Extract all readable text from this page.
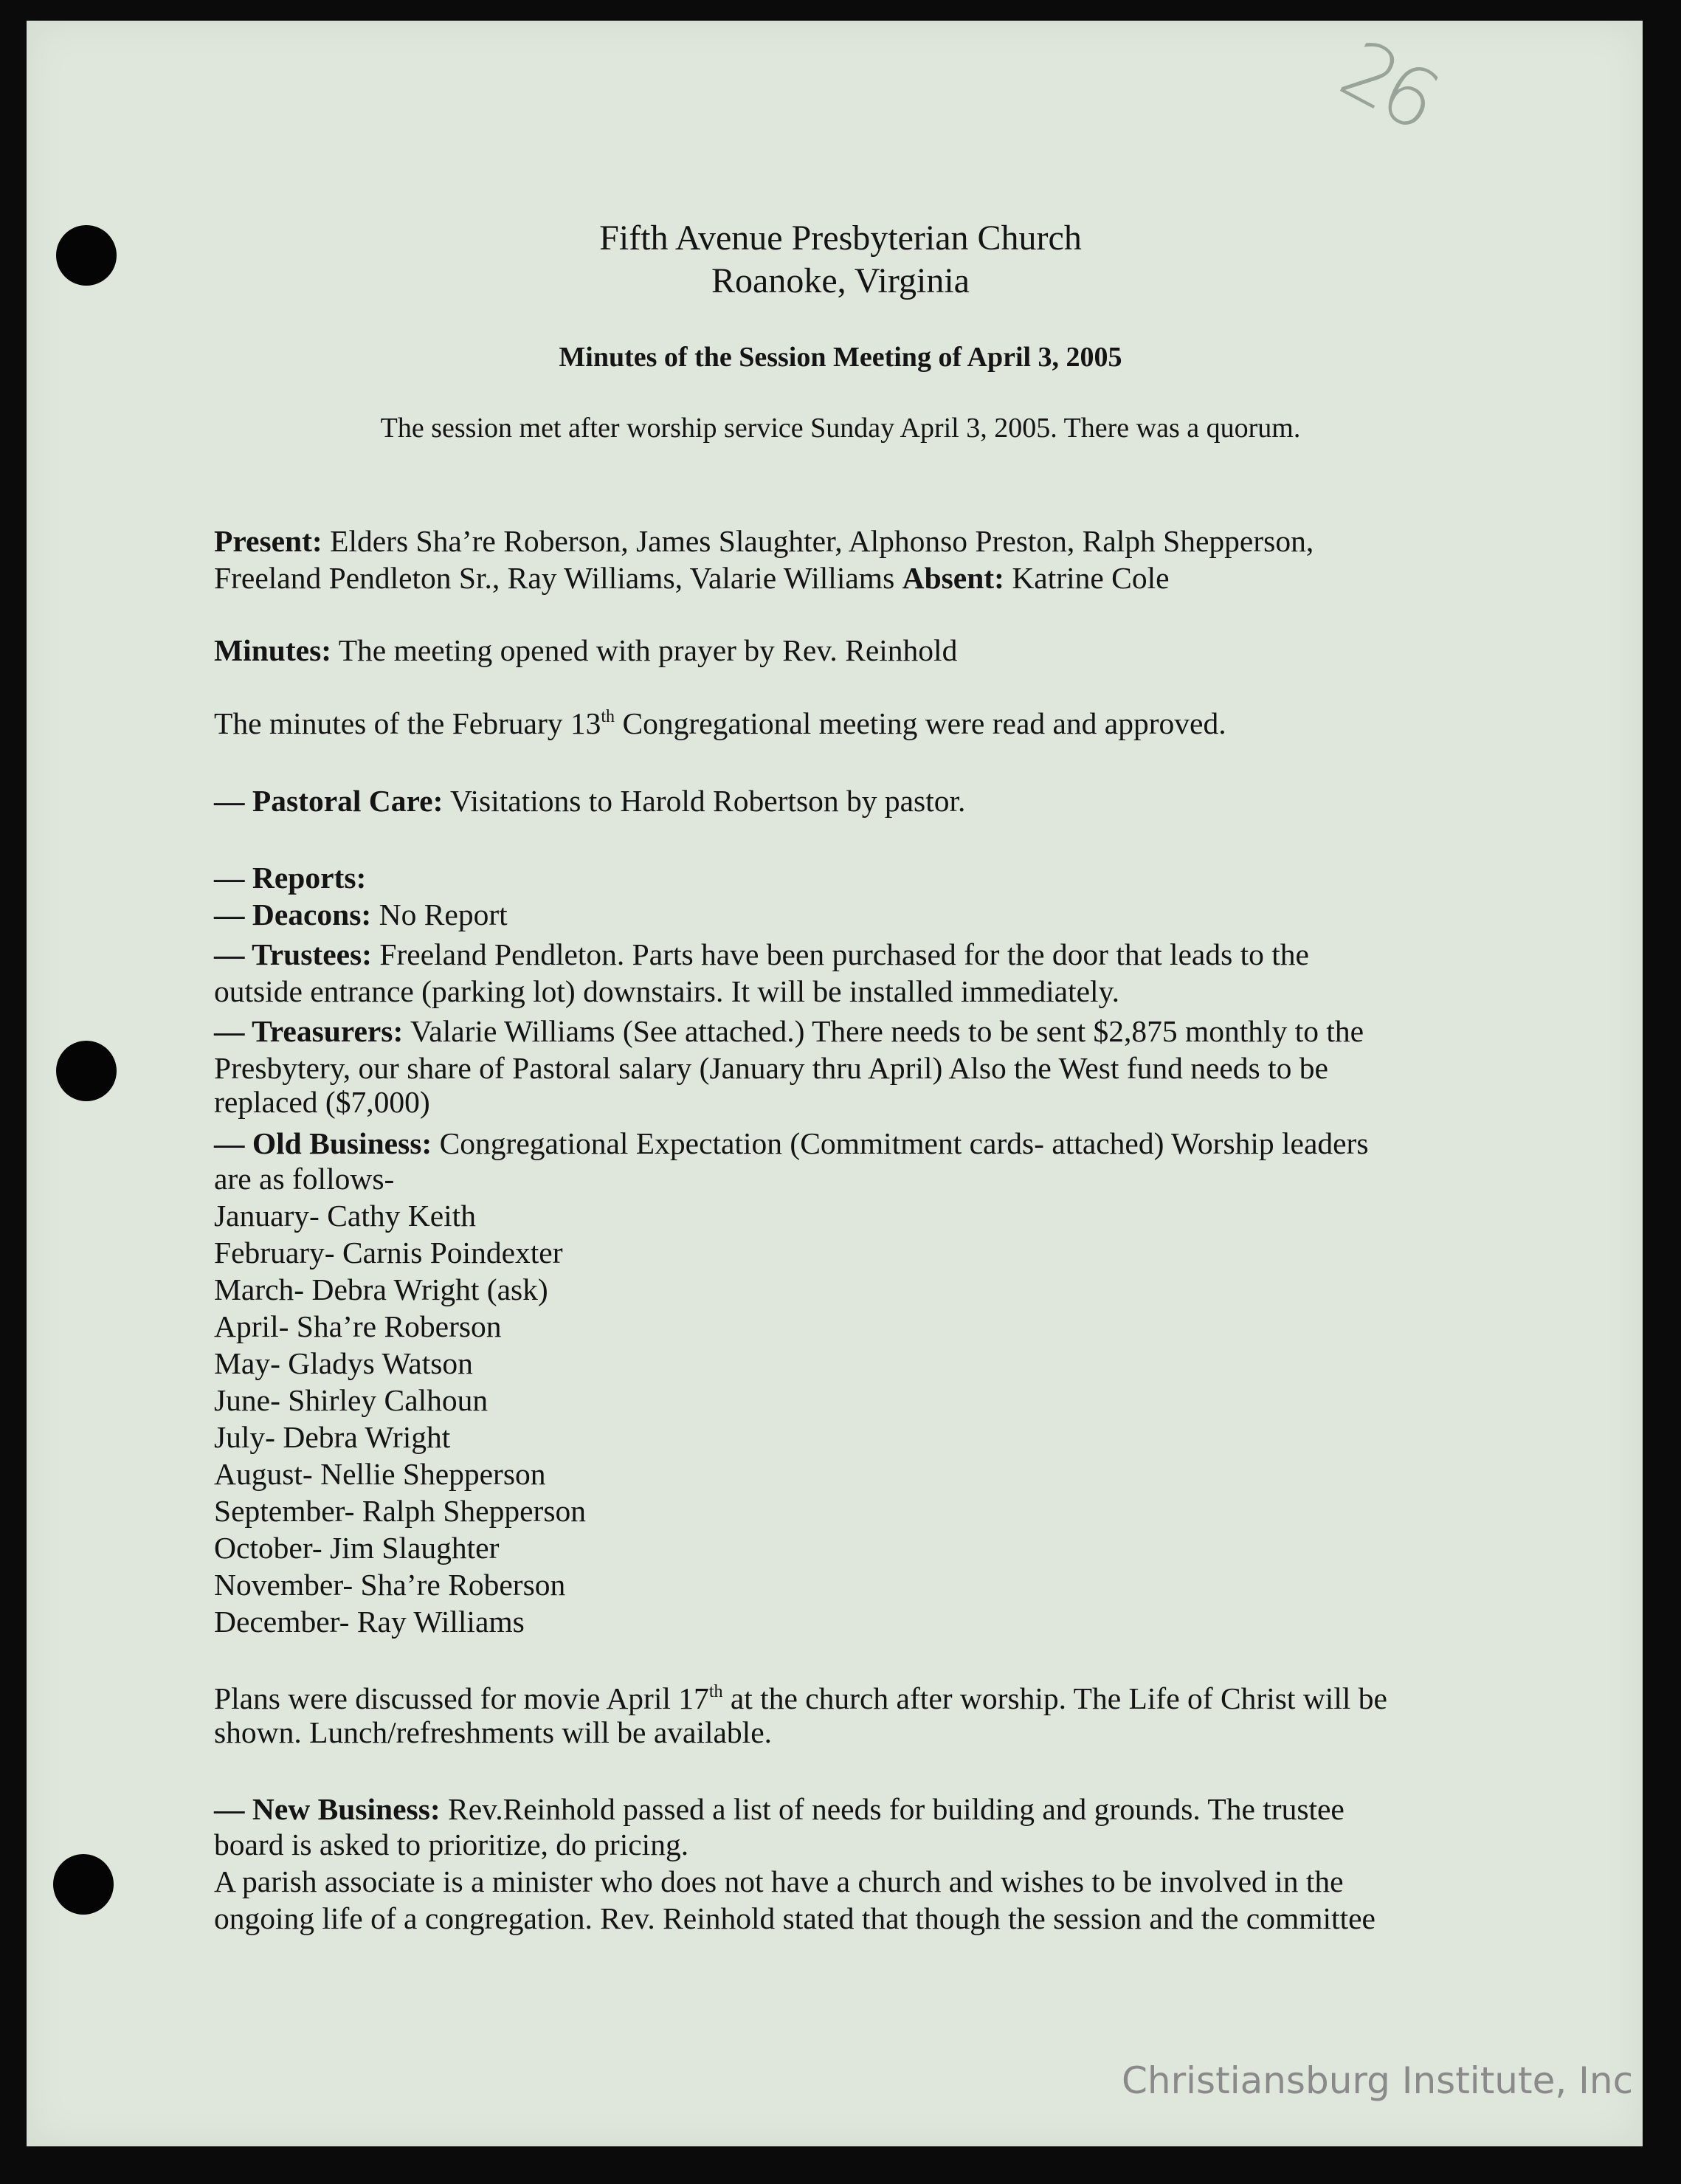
26
Fifth Avenue Presbyterian Church
Roanoke, Virginia
Minutes of the Session Meeting of April 3, 2005
The session met after worship service Sunday April 3, 2005. There was a quorum.
Present: Elders Sha’re Roberson, James Slaughter, Alphonso Preston, Ralph Shepperson,
Freeland Pendleton Sr., Ray Williams, Valarie Williams Absent: Katrine Cole
Minutes: The meeting opened with prayer by Rev. Reinhold
The minutes of the February 13th Congregational meeting were read and approved.
— Pastoral Care: Visitations to Harold Robertson by pastor.
— Reports:
— Deacons: No Report
— Trustees: Freeland Pendleton. Parts have been purchased for the door that leads to the
outside entrance (parking lot) downstairs. It will be installed immediately.
— Treasurers: Valarie Williams (See attached.) There needs to be sent $2,875 monthly to the
Presbytery, our share of Pastoral salary (January thru April) Also the West fund needs to be
replaced ($7,000)
— Old Business: Congregational Expectation (Commitment cards- attached) Worship leaders
are as follows-
January- Cathy Keith
February- Carnis Poindexter
March- Debra Wright (ask)
April- Sha’re Roberson
May- Gladys Watson
June- Shirley Calhoun
July- Debra Wright
August- Nellie Shepperson
September- Ralph Shepperson
October- Jim Slaughter
November- Sha’re Roberson
December- Ray Williams
Plans were discussed for movie April 17th at the church after worship. The Life of Christ will be
shown. Lunch/refreshments will be available.
— New Business: Rev.Reinhold passed a list of needs for building and grounds. The trustee
board is asked to prioritize, do pricing.
A parish associate is a minister who does not have a church and wishes to be involved in the
ongoing life of a congregation. Rev. Reinhold stated that though the session and the committee
Christiansburg Institute, Inc
